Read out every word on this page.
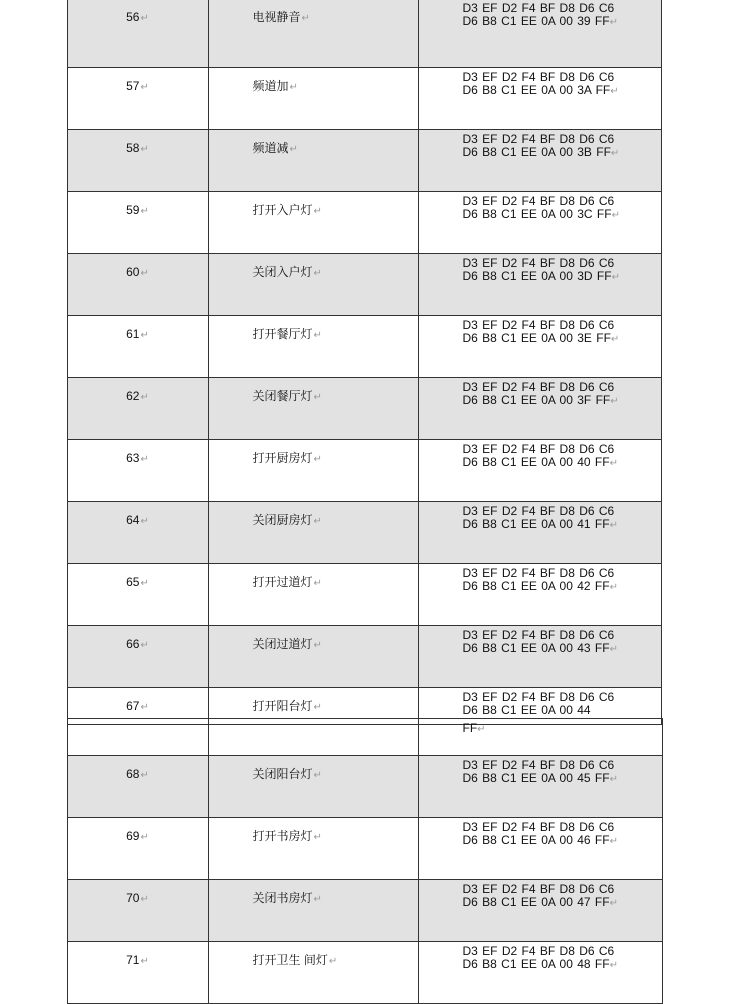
	56↵	电视静音↵	D3 EF D2 F4 BF D8 D6 C6 D6 B8 C1 EE 0A 00 39 FF↵	
	57↵	频道加↵	D3 EF D2 F4 BF D8 D6 C6 D6 B8 C1 EE 0A 00 3A FF↵	
	58↵	频道减↵	D3 EF D2 F4 BF D8 D6 C6 D6 B8 C1 EE 0A 00 3B FF↵	
	59↵	打开入户灯↵	D3 EF D2 F4 BF D8 D6 C6 D6 B8 C1 EE 0A 00 3C FF↵	
	60↵	关闭入户灯↵	D3 EF D2 F4 BF D8 D6 C6 D6 B8 C1 EE 0A 00 3D FF↵	
	61↵	打开餐厅灯↵	D3 EF D2 F4 BF D8 D6 C6 D6 B8 C1 EE 0A 00 3E FF↵	
	62↵	关闭餐厅灯↵	D3 EF D2 F4 BF D8 D6 C6 D6 B8 C1 EE 0A 00 3F FF↵	
	63↵	打开厨房灯↵	D3 EF D2 F4 BF D8 D6 C6 D6 B8 C1 EE 0A 00 40 FF↵	
	64↵	关闭厨房灯↵	D3 EF D2 F4 BF D8 D6 C6 D6 B8 C1 EE 0A 00 41 FF↵	
	65↵	打开过道灯↵	D3 EF D2 F4 BF D8 D6 C6 D6 B8 C1 EE 0A 00 42 FF↵	
	66↵	关闭过道灯↵	D3 EF D2 F4 BF D8 D6 C6 D6 B8 C1 EE 0A 00 43 FF↵	
	67↵	打开阳台灯↵	D3 EF D2 F4 BF D8 D6 C6 D6 B8 C1 EE 0A 00 44	
			FF↵	
	68↵	关闭阳台灯↵	D3 EF D2 F4 BF D8 D6 C6 D6 B8 C1 EE 0A 00 45 FF↵	
	69↵	打开书房灯↵	D3 EF D2 F4 BF D8 D6 C6 D6 B8 C1 EE 0A 00 46 FF↵	
	70↵	关闭书房灯↵	D3 EF D2 F4 BF D8 D6 C6 D6 B8 C1 EE 0A 00 47 FF↵	
	71↵	打开卫生 间灯↵	D3 EF D2 F4 BF D8 D6 C6 D6 B8 C1 EE 0A 00 48 FF↵	
